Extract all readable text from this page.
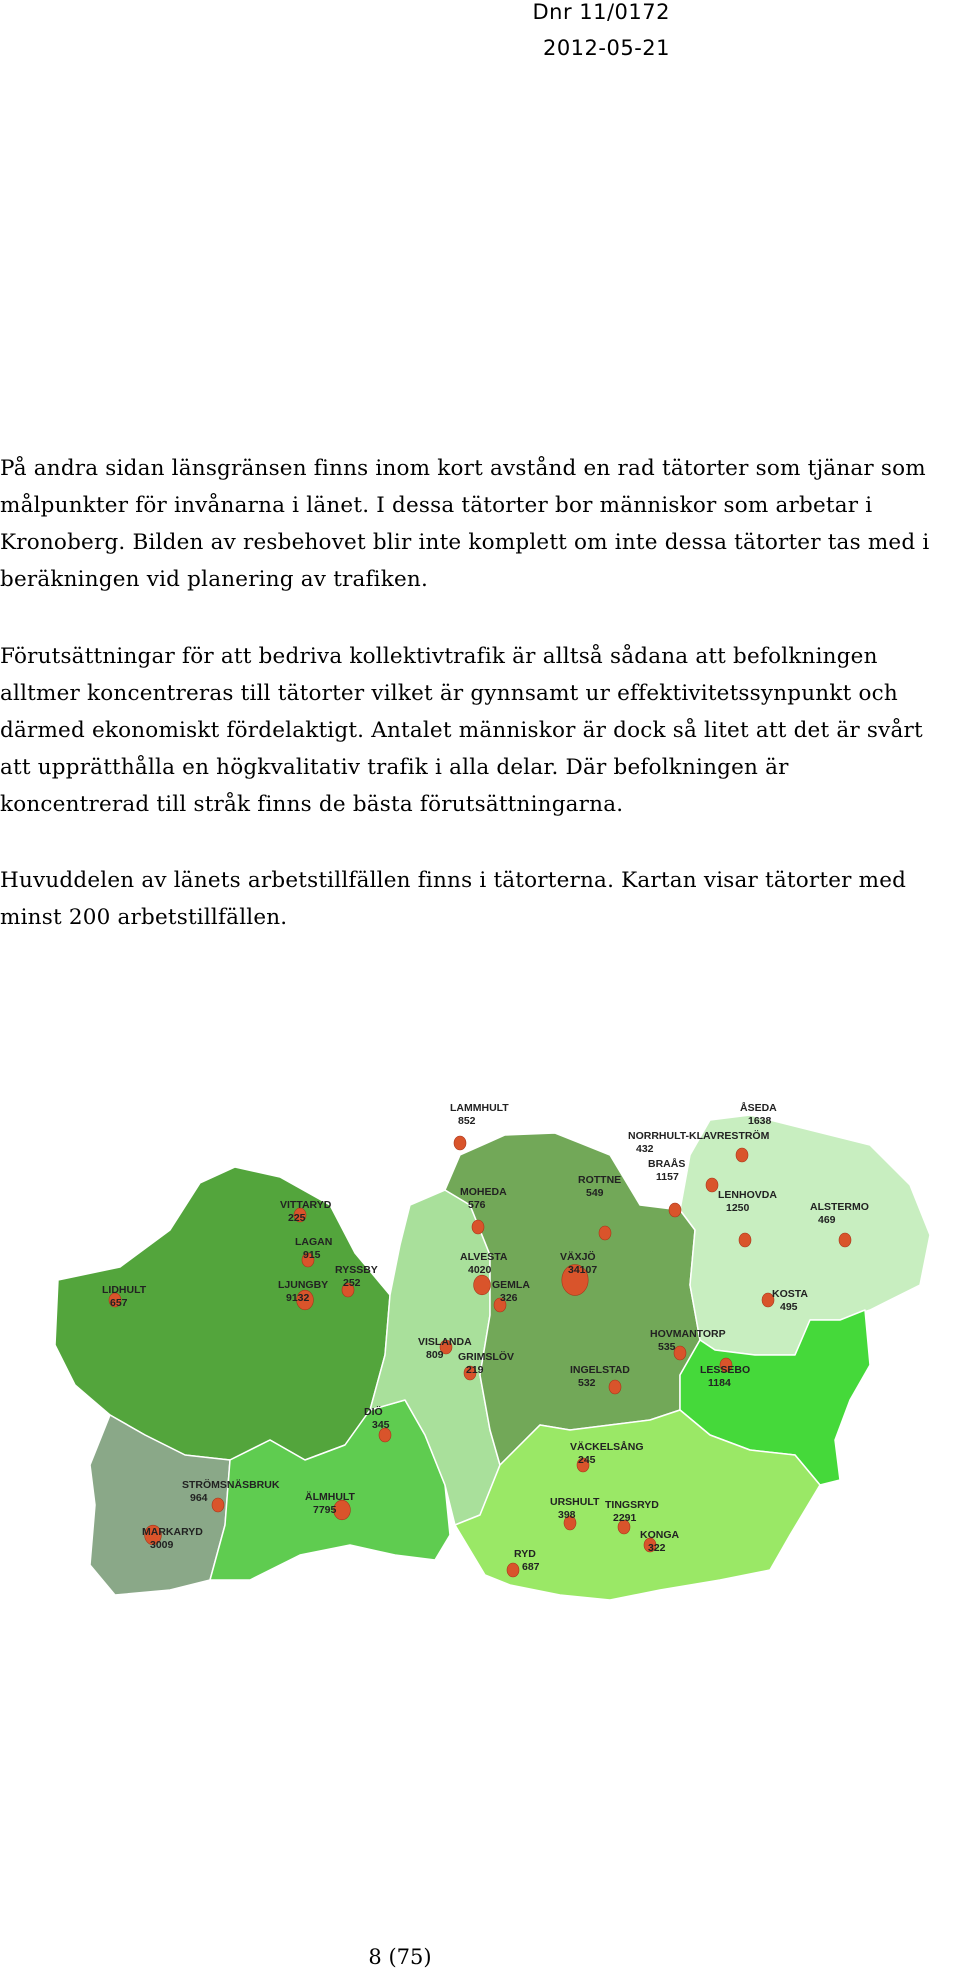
Dnr 11/0172
2012-05-21

På andra sidan länsgränsen finns inom kort avstånd en rad tätorter som tjänar som
målpunkter för invånarna i länet. I dessa tätorter bor människor som arbetar i
Kronoberg. Bilden av resbehovet blir inte komplett om inte dessa tätorter tas med i
beräkningen vid planering av trafiken.

Förutsättningar för att bedriva kollektivtrafik är alltså sådana att befolkningen
alltmer koncentreras till tätorter vilket är gynnsamt ur effektivitetssynpunkt och
därmed ekonomiskt fördelaktigt. Antalet människor är dock så litet att det är svårt
att upprätthålla en högkvalitativ trafik i alla delar. Där befolkningen är
koncentrerad till stråk finns de bästa förutsättningarna.

Huvuddelen av länets arbetstillfällen finns i tätorterna. Kartan visar tätorter med
minst 200 arbetstillfällen.

LAMMHULT 852
ÅSEDA 1638
NORRHULT-KLAVRESTRÖM 432
BRAÅS 1157
ROTTNE 549
MOHEDA 576
LENHOVDA 1250	ALSTERMO 469
VITTARYD 225
LAGAN 915
RYSSBY 252
LJUNGBY 9132
LIDHULT 657
ALVESTA 4020
VÄXJÖ 34107
GEMLA 326	KOSTA 495
VISLANDA 809	GRIMSLÖV 219
HOVMANTORP 535
INGELSTAD 532
LESSEBO 1184
DIÖ 345
VÄCKELSÅNG 245
STRÖMSNÄSBRUK 964	ÄLMHULT 7795
URSHULT 398
TINGSRYD 2291
KONGA 322
MARKARYD 3009
RYD 687
8 (75)
